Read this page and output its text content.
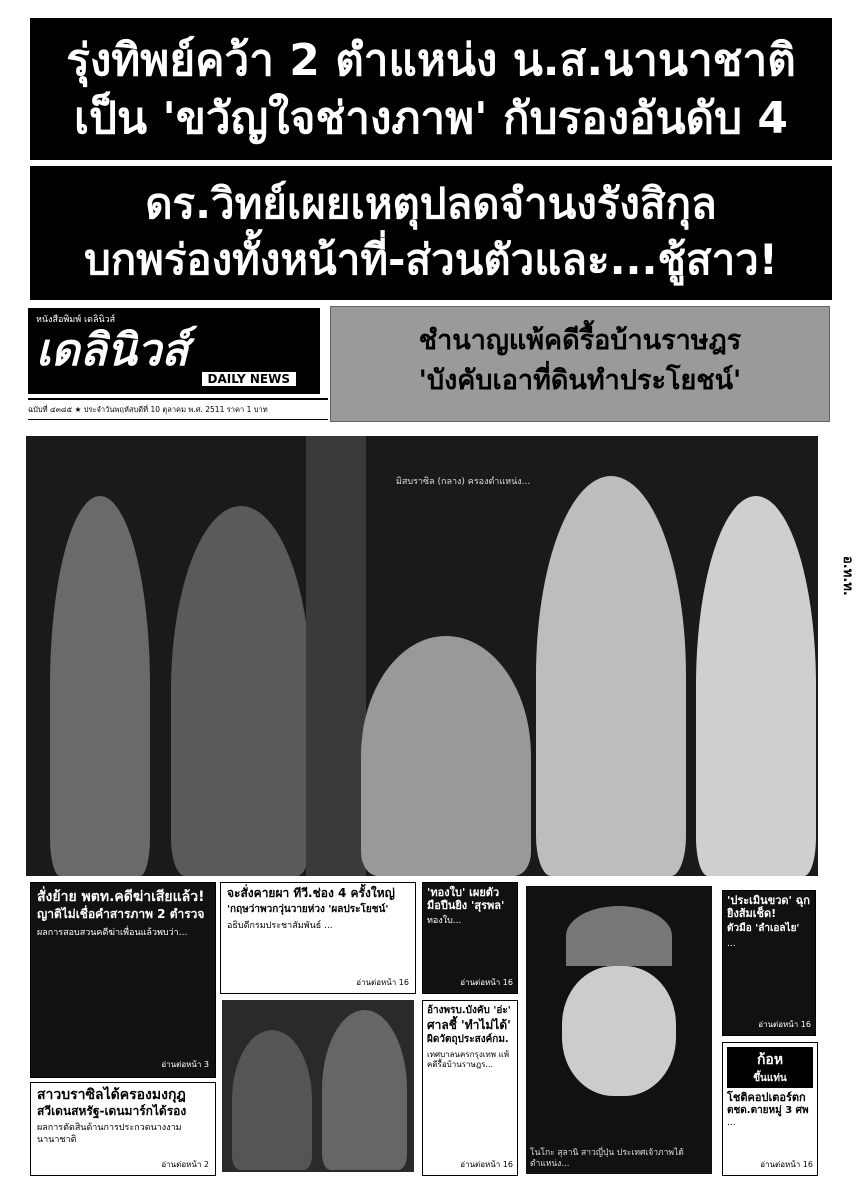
รุ่งทิพย์คว้า 2 ตำแหน่ง น.ส.นานาชาติ
เป็น 'ขวัญใจช่างภาพ' กับรองอันดับ 4
ดร.วิทย์เผยเหตุปลดจำนงรังสิกุล
บกพร่องทั้งหน้าที่-ส่วนตัวและ...ชู้สาว!
หนังสือพิมพ์ เดลินิวส์
เดลินิวส์
DAILY NEWS
ฉบับที่ ๔๓๘๕ ★ ประจำวันพฤหัสบดีที่ 10 ตุลาคม พ.ศ. 2511 ราคา 1 บาท
ชำนาญแพ้คดีรื้อบ้านราษฎร
'บังคับเอาที่ดินทำประโยชน์'
มิสบราซิล (กลาง) ครองตำแหน่ง...
อ.ท.ท.
สั่งย้าย พตท.คดีฆ่าเสียแล้ว!
ญาติไม่เชื่อคำสารภาพ 2 ตำรวจ
ผลการสอบสวนคดีฆ่าเพื่อนแล้วพบว่า...
อ่านต่อหน้า 3
สาวบราซิลได้ครองมงกุฎ
สวีเดนสหรัฐ-เดนมาร์กได้รอง
ผลการตัดสินด้านการประกวดนางงามนานาชาติ
อ่านต่อหน้า 2
จะสั่งคายผา ทีวี.ช่อง 4 ครั้งใหญ่
'กฤษว่าพวกวุ่นวายห่วง 'ผลประโยชน์'
อธิบดีกรมประชาสัมพันธ์ ...
อ่านต่อหน้า 16
'ทองใบ' เผยตัว มือปืนยิง 'สุรพล'
ทองใบ...
อ่านต่อหน้า 16
อ้างพรบ.บังคับ 'อ่ะ'
ศาลชี้ 'ทำไม่ได้'
ผิดวัตถุประสงค์กม.
เทศบาลนครกรุงเทพ แพ้คดีรื้อบ้านราษฎร...
อ่านต่อหน้า 16
โนโกะ สุลานิ สาวญี่ปุ่น ประเทศเจ้าภาพได้ตำแหน่ง...
'ประเมินขวด' ฉุกยิงส้มเช็ด!
ตัวมือ 'ลำเอลไย'
...
อ่านต่อหน้า 16
ก้อห
ขึ้นแท่น
โชติคอปเตอร์ตก
ตชด.ตายหมู่ 3 ศพ
...
อ่านต่อหน้า 16
